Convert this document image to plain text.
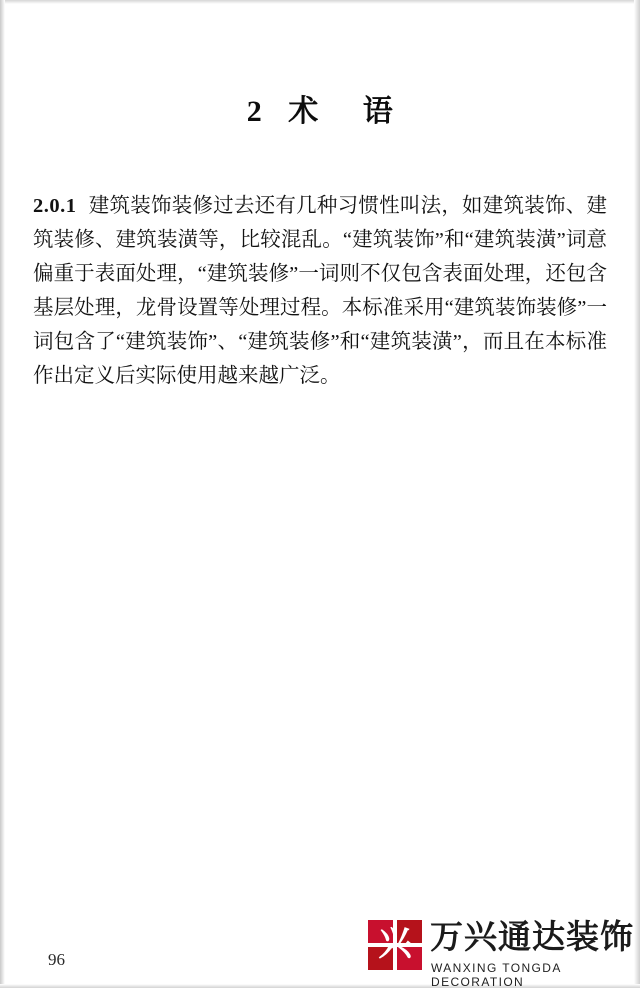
2 术 语

2.0.1 建筑装饰装修过去还有几种习惯性叫法，如建筑装饰、建筑装修、建筑装潢等，比较混乱。“建筑装饰”和“建筑装潢”词意偏重于表面处理，“建筑装修”一词则不仅包含表面处理，还包含基层处理，龙骨设置等处理过程。本标准采用“建筑装饰装修”一词包含了“建筑装饰”、“建筑装修”和“建筑装潢”，而且在本标准作出定义后实际使用越来越广泛。

96	兴 万兴通达装饰
WANXING TONGDA DECORATION
